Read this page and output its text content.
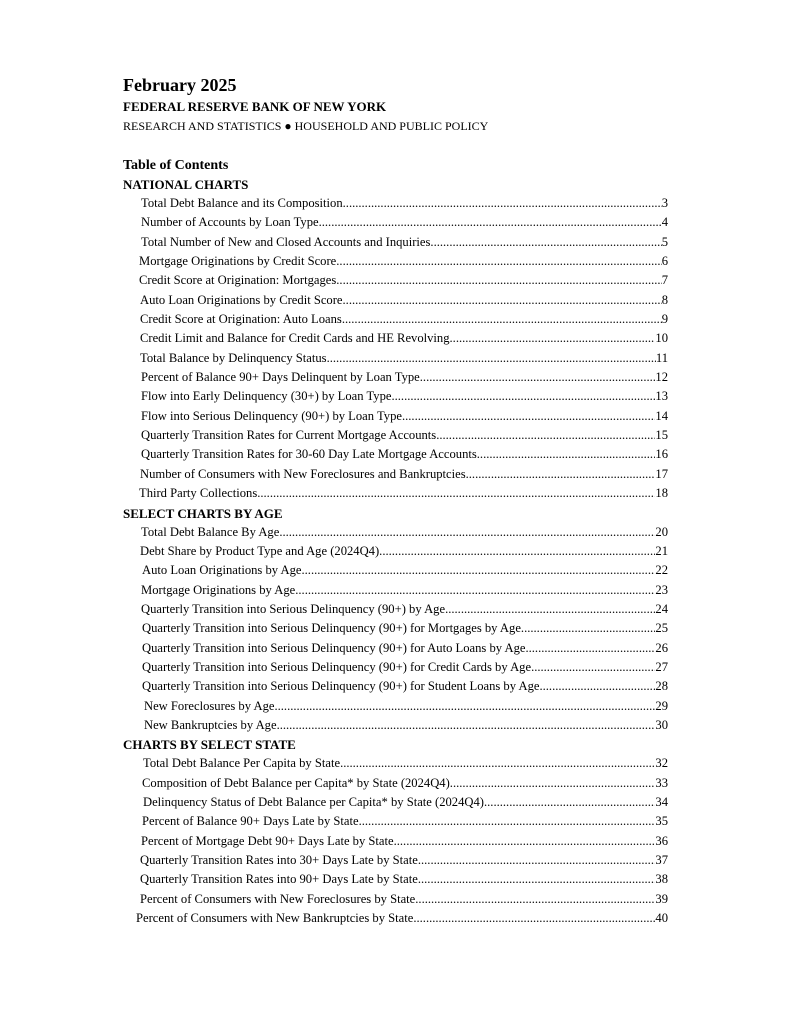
February 2025
FEDERAL RESERVE BANK OF NEW YORK
RESEARCH AND STATISTICS ● HOUSEHOLD AND PUBLIC POLICY
Table of Contents
NATIONAL CHARTS
Total Debt Balance and its Composition .....	3
Number of Accounts by Loan Type .....	4
Total Number of New and Closed Accounts and Inquiries .....	5
Mortgage Originations by Credit Score .....	6
Credit Score at Origination: Mortgages .....	7
Auto Loan Originations by Credit Score .....	8
Credit Score at Origination: Auto Loans .....	9
Credit Limit and Balance for Credit Cards and HE Revolving .....	10
Total Balance by Delinquency Status .....	11
Percent of Balance 90+ Days Delinquent by Loan Type .....	12
Flow into Early Delinquency (30+) by Loan Type .....	13
Flow into Serious Delinquency (90+) by Loan Type .....	14
Quarterly Transition Rates for Current Mortgage Accounts .....	15
Quarterly Transition Rates for 30-60 Day Late Mortgage Accounts .....	16
Number of Consumers with New Foreclosures and Bankruptcies .....	17
Third Party Collections .....	18
SELECT CHARTS BY AGE
Total Debt Balance By Age .....	20
Debt Share by Product Type and Age (2024Q4) .....	21
Auto Loan Originations by Age .....	22
Mortgage Originations by Age .....	23
Quarterly Transition into Serious Delinquency (90+) by Age .....	24
Quarterly Transition into Serious Delinquency (90+) for Mortgages by Age .....	25
Quarterly Transition into Serious Delinquency (90+) for Auto Loans by Age .....	26
Quarterly Transition into Serious Delinquency (90+) for Credit Cards by Age .....	27
Quarterly Transition into Serious Delinquency (90+) for Student Loans by Age .....	28
New Foreclosures by Age .....	29
New Bankruptcies by Age .....	30
CHARTS BY SELECT STATE
Total Debt Balance Per Capita by State .....	32
Composition of Debt Balance per Capita* by State (2024Q4) .....	33
Delinquency Status of Debt Balance per Capita* by State (2024Q4) .....	34
Percent of Balance 90+ Days Late by State .....	35
Percent of Mortgage Debt 90+ Days Late by State .....	36
Quarterly Transition Rates into 30+ Days Late by State .....	37
Quarterly Transition Rates into 90+ Days Late by State .....	38
Percent of Consumers with New Foreclosures by State .....	39
Percent of Consumers with New Bankruptcies by State .....	40
